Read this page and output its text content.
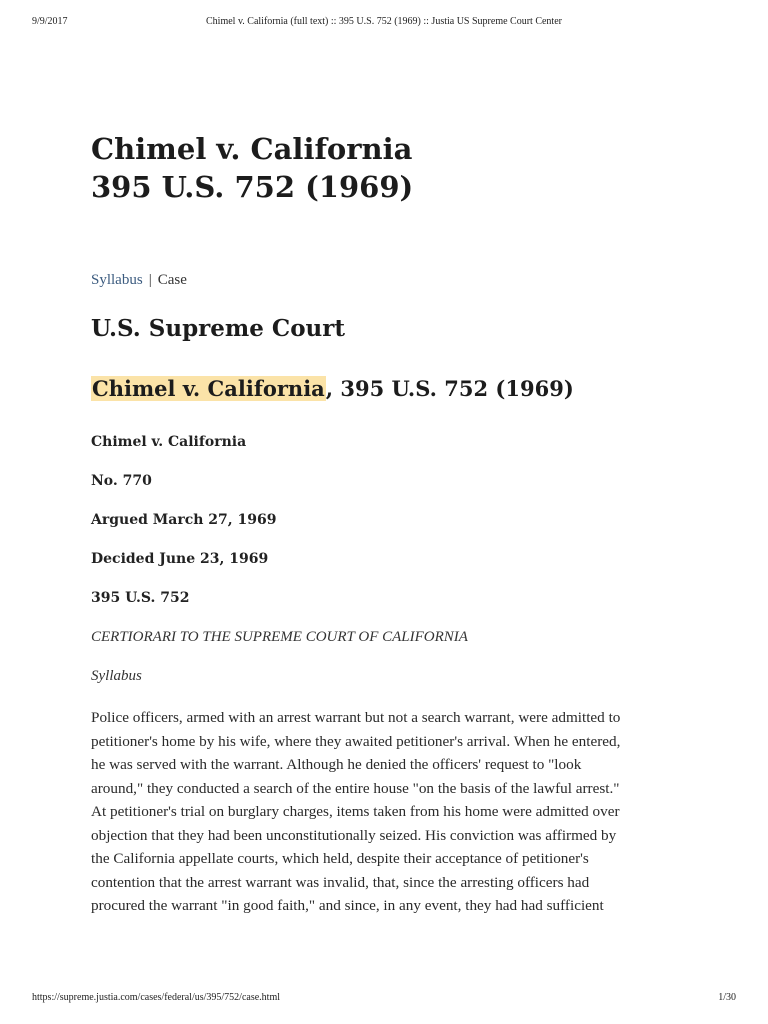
9/9/2017	Chimel v. California (full text) :: 395 U.S. 752 (1969) :: Justia US Supreme Court Center
Chimel v. California
395 U.S. 752 (1969)
Syllabus | Case
U.S. Supreme Court
Chimel v. California, 395 U.S. 752 (1969)
Chimel v. California
No. 770
Argued March 27, 1969
Decided June 23, 1969
395 U.S. 752
CERTIORARI TO THE SUPREME COURT OF CALIFORNIA
Syllabus
Police officers, armed with an arrest warrant but not a search warrant, were admitted to
petitioner's home by his wife, where they awaited petitioner's arrival. When he entered,
he was served with the warrant. Although he denied the officers' request to "look
around," they conducted a search of the entire house "on the basis of the lawful arrest."
At petitioner's trial on burglary charges, items taken from his home were admitted over
objection that they had been unconstitutionally seized. His conviction was affirmed by
the California appellate courts, which held, despite their acceptance of petitioner's
contention that the arrest warrant was invalid, that, since the arresting officers had
procured the warrant "in good faith," and since, in any event, they had had sufficient
https://supreme.justia.com/cases/federal/us/395/752/case.html	1/30
